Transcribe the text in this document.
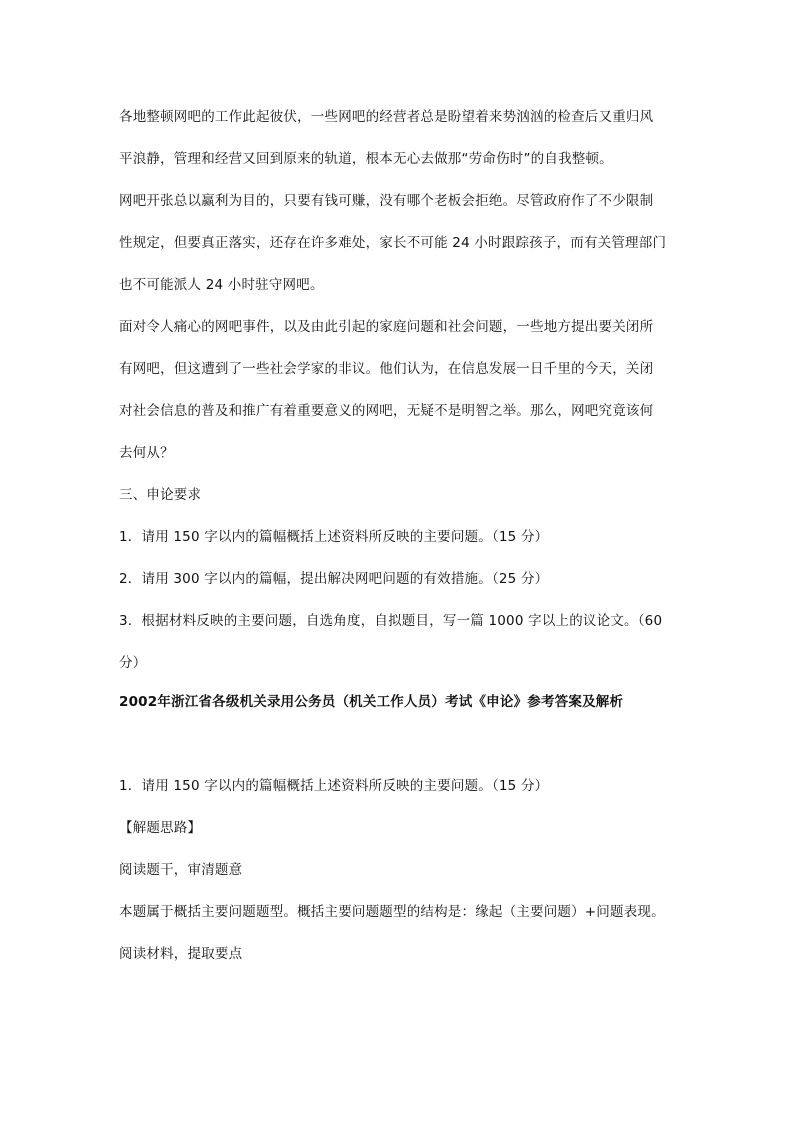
各地整顿网吧的工作此起彼伏，一些网吧的经营者总是盼望着来势汹汹的检查后又重归风
平浪静，管理和经营又回到原来的轨道，根本无心去做那“劳命伤时”的自我整顿。
网吧开张总以赢利为目的，只要有钱可赚，没有哪个老板会拒绝。尽管政府作了不少限制
性规定，但要真正落实，还存在许多难处，家长不可能 24 小时跟踪孩子，而有关管理部门
也不可能派人 24 小时驻守网吧。
面对令人痛心的网吧事件，以及由此引起的家庭问题和社会问题，一些地方提出要关闭所
有网吧，但这遭到了一些社会学家的非议。他们认为，在信息发展一日千里的今天，关闭
对社会信息的普及和推广有着重要意义的网吧，无疑不是明智之举。那么，网吧究竟该何
去何从？
三、申论要求
1．请用 150 字以内的篇幅概括上述资料所反映的主要问题。（15 分）
2．请用 300 字以内的篇幅，提出解决网吧问题的有效措施。（25 分）
3．根据材料反映的主要问题，自选角度，自拟题目，写一篇 1000 字以上的议论文。（60
分）
2002年浙江省各级机关录用公务员（机关工作人员）考试《申论》参考答案及解析
1．请用 150 字以内的篇幅概括上述资料所反映的主要问题。（15 分）
【解题思路】
阅读题干，审清题意
本题属于概括主要问题题型。概括主要问题题型的结构是：缘起（主要问题）+问题表现。
阅读材料，提取要点
